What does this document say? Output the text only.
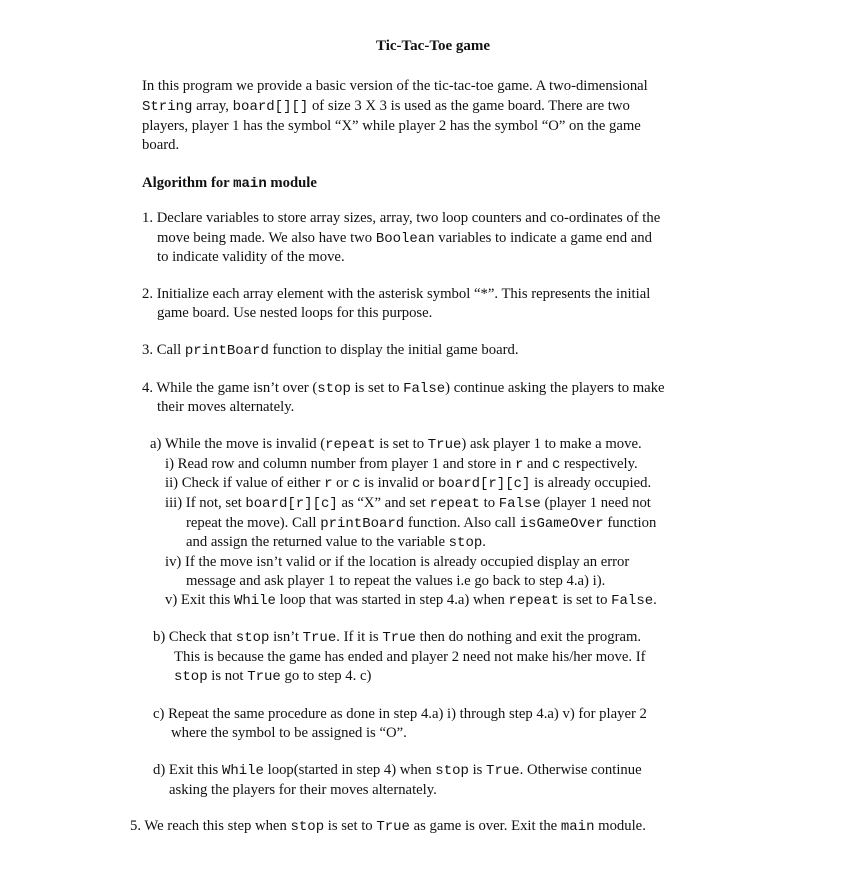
Tic-Tac-Toe game
In this program we provide a basic version of the tic-tac-toe game. A two-dimensional
String array, board[][] of size 3 X 3 is used as the game board. There are two
players, player 1 has the symbol “X” while player 2 has the symbol “O” on the game
board.
Algorithm for main module
1. Declare variables to store array sizes, array, two loop counters and co-ordinates of the
move being made. We also have two Boolean variables to indicate a game end and
to indicate validity of the move.
2. Initialize each array element with the asterisk symbol “*”. This represents the initial
game board. Use nested loops for this purpose.
3. Call printBoard function to display the initial game board.
4. While the game isn’t over (stop is set to False) continue asking the players to make
their moves alternately.
a) While the move is invalid (repeat is set to True) ask player 1 to make a move.
i) Read row and column number from player 1 and store in r and c respectively.
ii) Check if value of either r or c is invalid or board[r][c] is already occupied.
iii) If not, set board[r][c] as “X” and set repeat to False (player 1 need not
repeat the move). Call printBoard function. Also call isGameOver function
and assign the returned value to the variable stop.
iv) If the move isn’t valid or if the location is already occupied display an error
message and ask player 1 to repeat the values i.e go back to step 4.a) i).
v) Exit this While loop that was started in step 4.a) when repeat is set to False.
b) Check that stop isn’t True. If it is True then do nothing and exit the program.
This is because the game has ended and player 2 need not make his/her move. If
stop is not True go to step 4. c)
c) Repeat the same procedure as done in step 4.a) i) through step 4.a) v) for player 2
where the symbol to be assigned is “O”.
d) Exit this While loop(started in step 4) when stop is True. Otherwise continue
asking the players for their moves alternately.
5. We reach this step when stop is set to True as game is over. Exit the main module.
